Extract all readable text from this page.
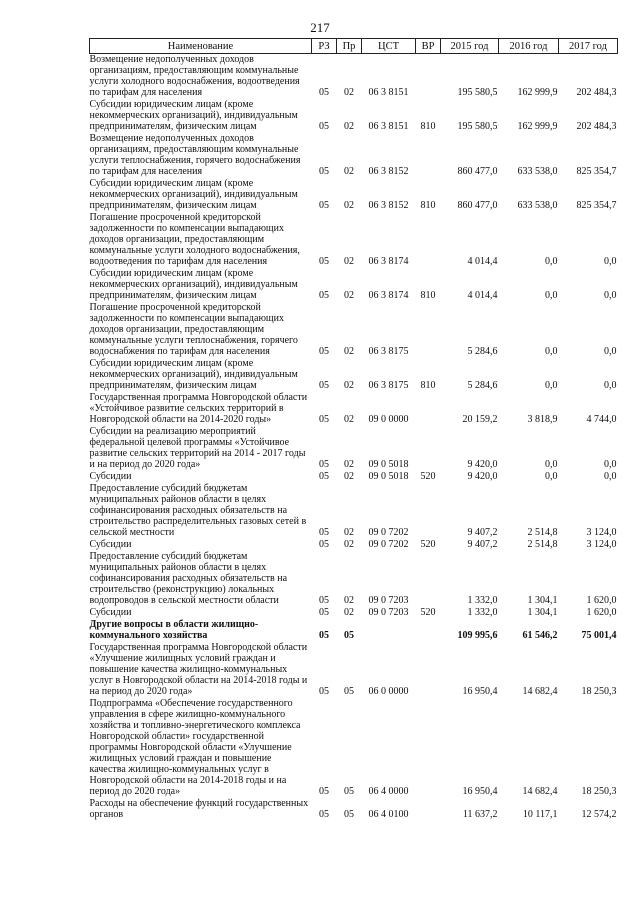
217
Наименование	РЗ	Пр	ЦСТ	ВР	2015 год	2016 год	2017 год
Возмещение недополученных доходов организациям, предоставляющим коммунальные услуги холодного водоснабжения, водоотведения по тарифам для населения	05	02	06 3 8151		195 580,5	162 999,9	202 484,3
Субсидии юридическим лицам (кроме некоммерческих организаций), индивидуальным предпринимателям, физическим лицам	05	02	06 3 8151	810	195 580,5	162 999,9	202 484,3
Возмещение недополученных доходов организациям, предоставляющим коммунальные услуги теплоснабжения, горячего водоснабжения по тарифам для населения	05	02	06 3 8152		860 477,0	633 538,0	825 354,7
Субсидии юридическим лицам (кроме некоммерческих организаций), индивидуальным предпринимателям, физическим лицам	05	02	06 3 8152	810	860 477,0	633 538,0	825 354,7
Погашение просроченной кредиторской задолженности по компенсации выпадающих доходов организации, предоставляющим коммунальные услуги холодного водоснабжения, водоотведения по тарифам для населения	05	02	06 3 8174		4 014,4	0,0	0,0
Субсидии юридическим лицам (кроме некоммерческих организаций), индивидуальным предпринимателям, физическим лицам	05	02	06 3 8174	810	4 014,4	0,0	0,0
Погашение просроченной кредиторской задолженности по компенсации выпадающих доходов организации, предоставляющим коммунальные услуги теплоснабжения, горячего водоснабжения по тарифам для населения	05	02	06 3 8175		5 284,6	0,0	0,0
Субсидии юридическим лицам (кроме некоммерческих организаций), индивидуальным предпринимателям, физическим лицам	05	02	06 3 8175	810	5 284,6	0,0	0,0
Государственная программа Новгородской области «Устойчивое развитие сельских территорий в Новгородской области на 2014-2020 годы»	05	02	09 0 0000		20 159,2	3 818,9	4 744,0
Субсидии на реализацию мероприятий федеральной целевой программы «Устойчивое развитие сельских территорий на 2014 - 2017 годы и на период до 2020 года»	05	02	09 0 5018		9 420,0	0,0	0,0
Субсидии	05	02	09 0 5018	520	9 420,0	0,0	0,0
Предоставление субсидий бюджетам муниципальных районов области в целях софинансирования расходных обязательств на строительство распределительных газовых сетей в сельской местности	05	02	09 0 7202		9 407,2	2 514,8	3 124,0
Субсидии	05	02	09 0 7202	520	9 407,2	2 514,8	3 124,0
Предоставление субсидий бюджетам муниципальных районов области в целях софинансирования расходных обязательств на строительство (реконструкцию) локальных водопроводов в сельской местности области	05	02	09 0 7203		1 332,0	1 304,1	1 620,0
Субсидии	05	02	09 0 7203	520	1 332,0	1 304,1	1 620,0
Другие вопросы в области жилищно-коммунального хозяйства	05	05			109 995,6	61 546,2	75 001,4
Государственная программа Новгородской области «Улучшение жилищных условий граждан и повышение качества жилищно-коммунальных услуг в Новгородской области на 2014-2018 годы и на период до 2020 года»	05	05	06 0 0000		16 950,4	14 682,4	18 250,3
Подпрограмма «Обеспечение государственного управления в сфере жилищно-коммунального хозяйства и топливно-энергетического комплекса Новгородской области» государственной программы Новгородской области «Улучшение жилищных условий граждан и повышение качества жилищно-коммунальных услуг в Новгородской области на 2014-2018 годы и на период до 2020 года»	05	05	06 4 0000		16 950,4	14 682,4	18 250,3
Расходы на обеспечение функций государственных органов	05	05	06 4 0100		11 637,2	10 117,1	12 574,2
